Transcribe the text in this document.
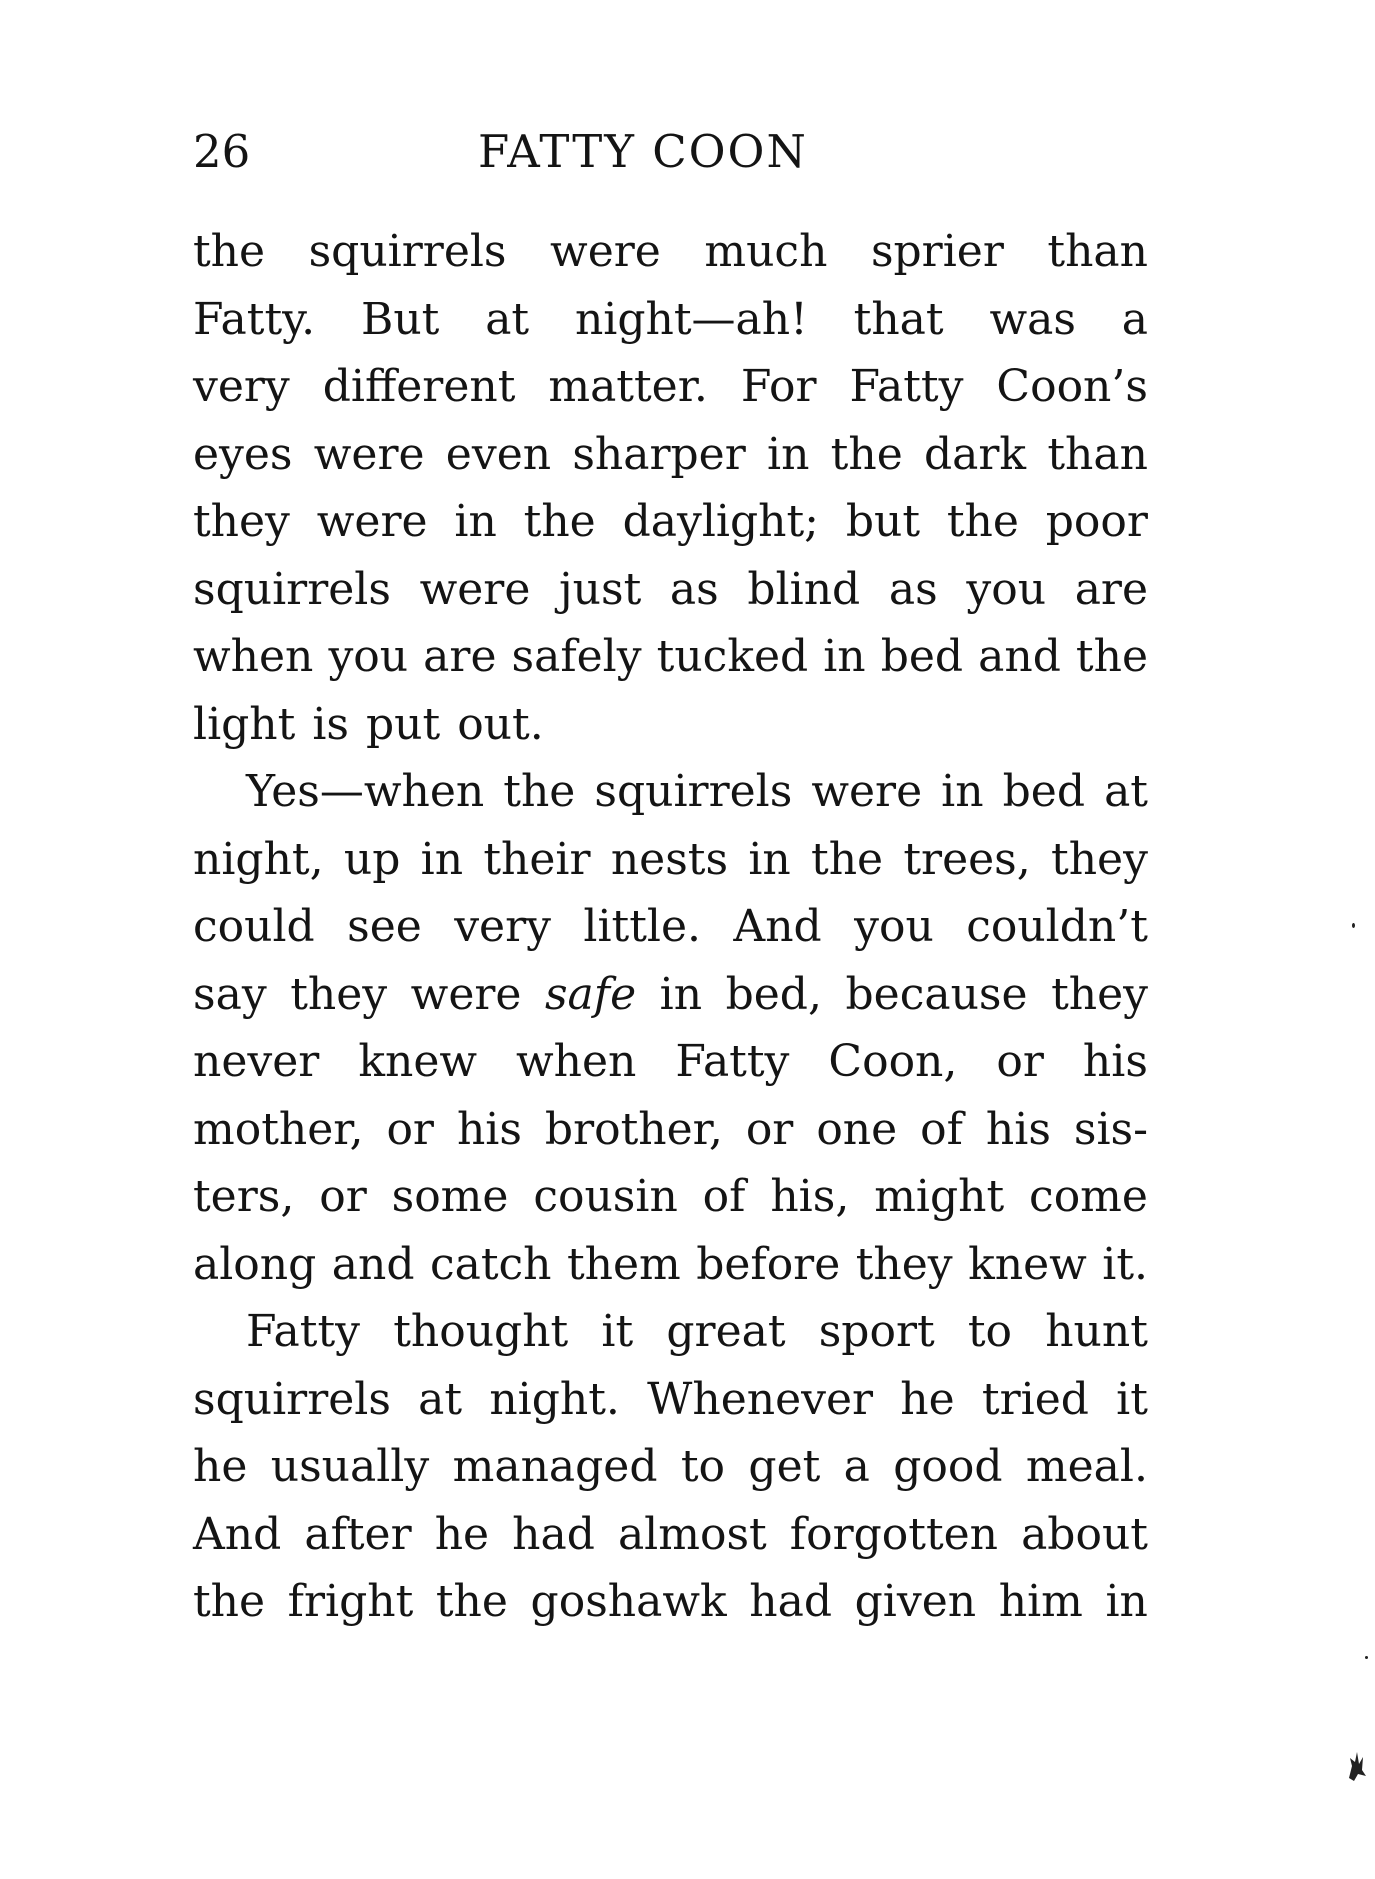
26	FATTY COON
the squirrels were much sprier than
Fatty. But at night—ah! that was a
very different matter. For Fatty Coon’s
eyes were even sharper in the dark than
they were in the daylight; but the poor
squirrels were just as blind as you are
when you are safely tucked in bed and the
light is put out.
Yes—when the squirrels were in bed at
night, up in their nests in the trees, they
could see very little. And you couldn’t
say they were safe in bed, because they
never knew when Fatty Coon, or his
mother, or his brother, or one of his sis-
ters, or some cousin of his, might come
along and catch them before they knew it.
Fatty thought it great sport to hunt
squirrels at night. Whenever he tried it
he usually managed to get a good meal.
And after he had almost forgotten about
the fright the goshawk had given him in
